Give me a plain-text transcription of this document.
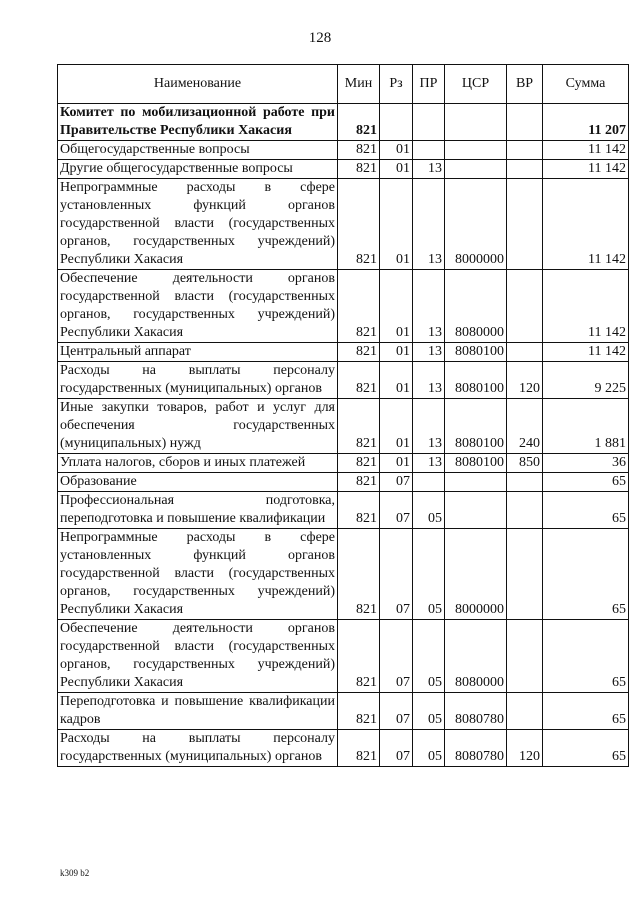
128
Наименование	Мин	Рз	ПР	ЦСР	ВР	Сумма
Комитет по мобилизационной работе при Правительстве Республики Хакасия	821					11 207
Общегосударственные вопросы	821	01				11 142
Другие общегосударственные вопросы	821	01	13			11 142
Непрограммные расходы в сфере установленных функций органов государственной власти (государственных органов, государственных учреждений) Республики Хакасия	821	01	13	8000000		11 142
Обеспечение деятельности органов государственной власти (государственных органов, государственных учреждений) Республики Хакасия	821	01	13	8080000		11 142
Центральный аппарат	821	01	13	8080100		11 142
Расходы на выплаты персоналу государственных (муниципальных) органов	821	01	13	8080100	120	9 225
Иные закупки товаров, работ и услуг для обеспечения государственных (муниципальных) нужд	821	01	13	8080100	240	1 881
Уплата налогов, сборов и иных платежей	821	01	13	8080100	850	36
Образование	821	07				65
Профессиональная подготовка, переподготовка и повышение квалификации	821	07	05			65
Непрограммные расходы в сфере установленных функций органов государственной власти (государственных органов, государственных учреждений) Республики Хакасия	821	07	05	8000000		65
Обеспечение деятельности органов государственной власти (государственных органов, государственных учреждений) Республики Хакасия	821	07	05	8080000		65
Переподготовка и повышение квалификации кадров	821	07	05	8080780		65
Расходы на выплаты персоналу государственных (муниципальных) органов	821	07	05	8080780	120	65
k309 b2
